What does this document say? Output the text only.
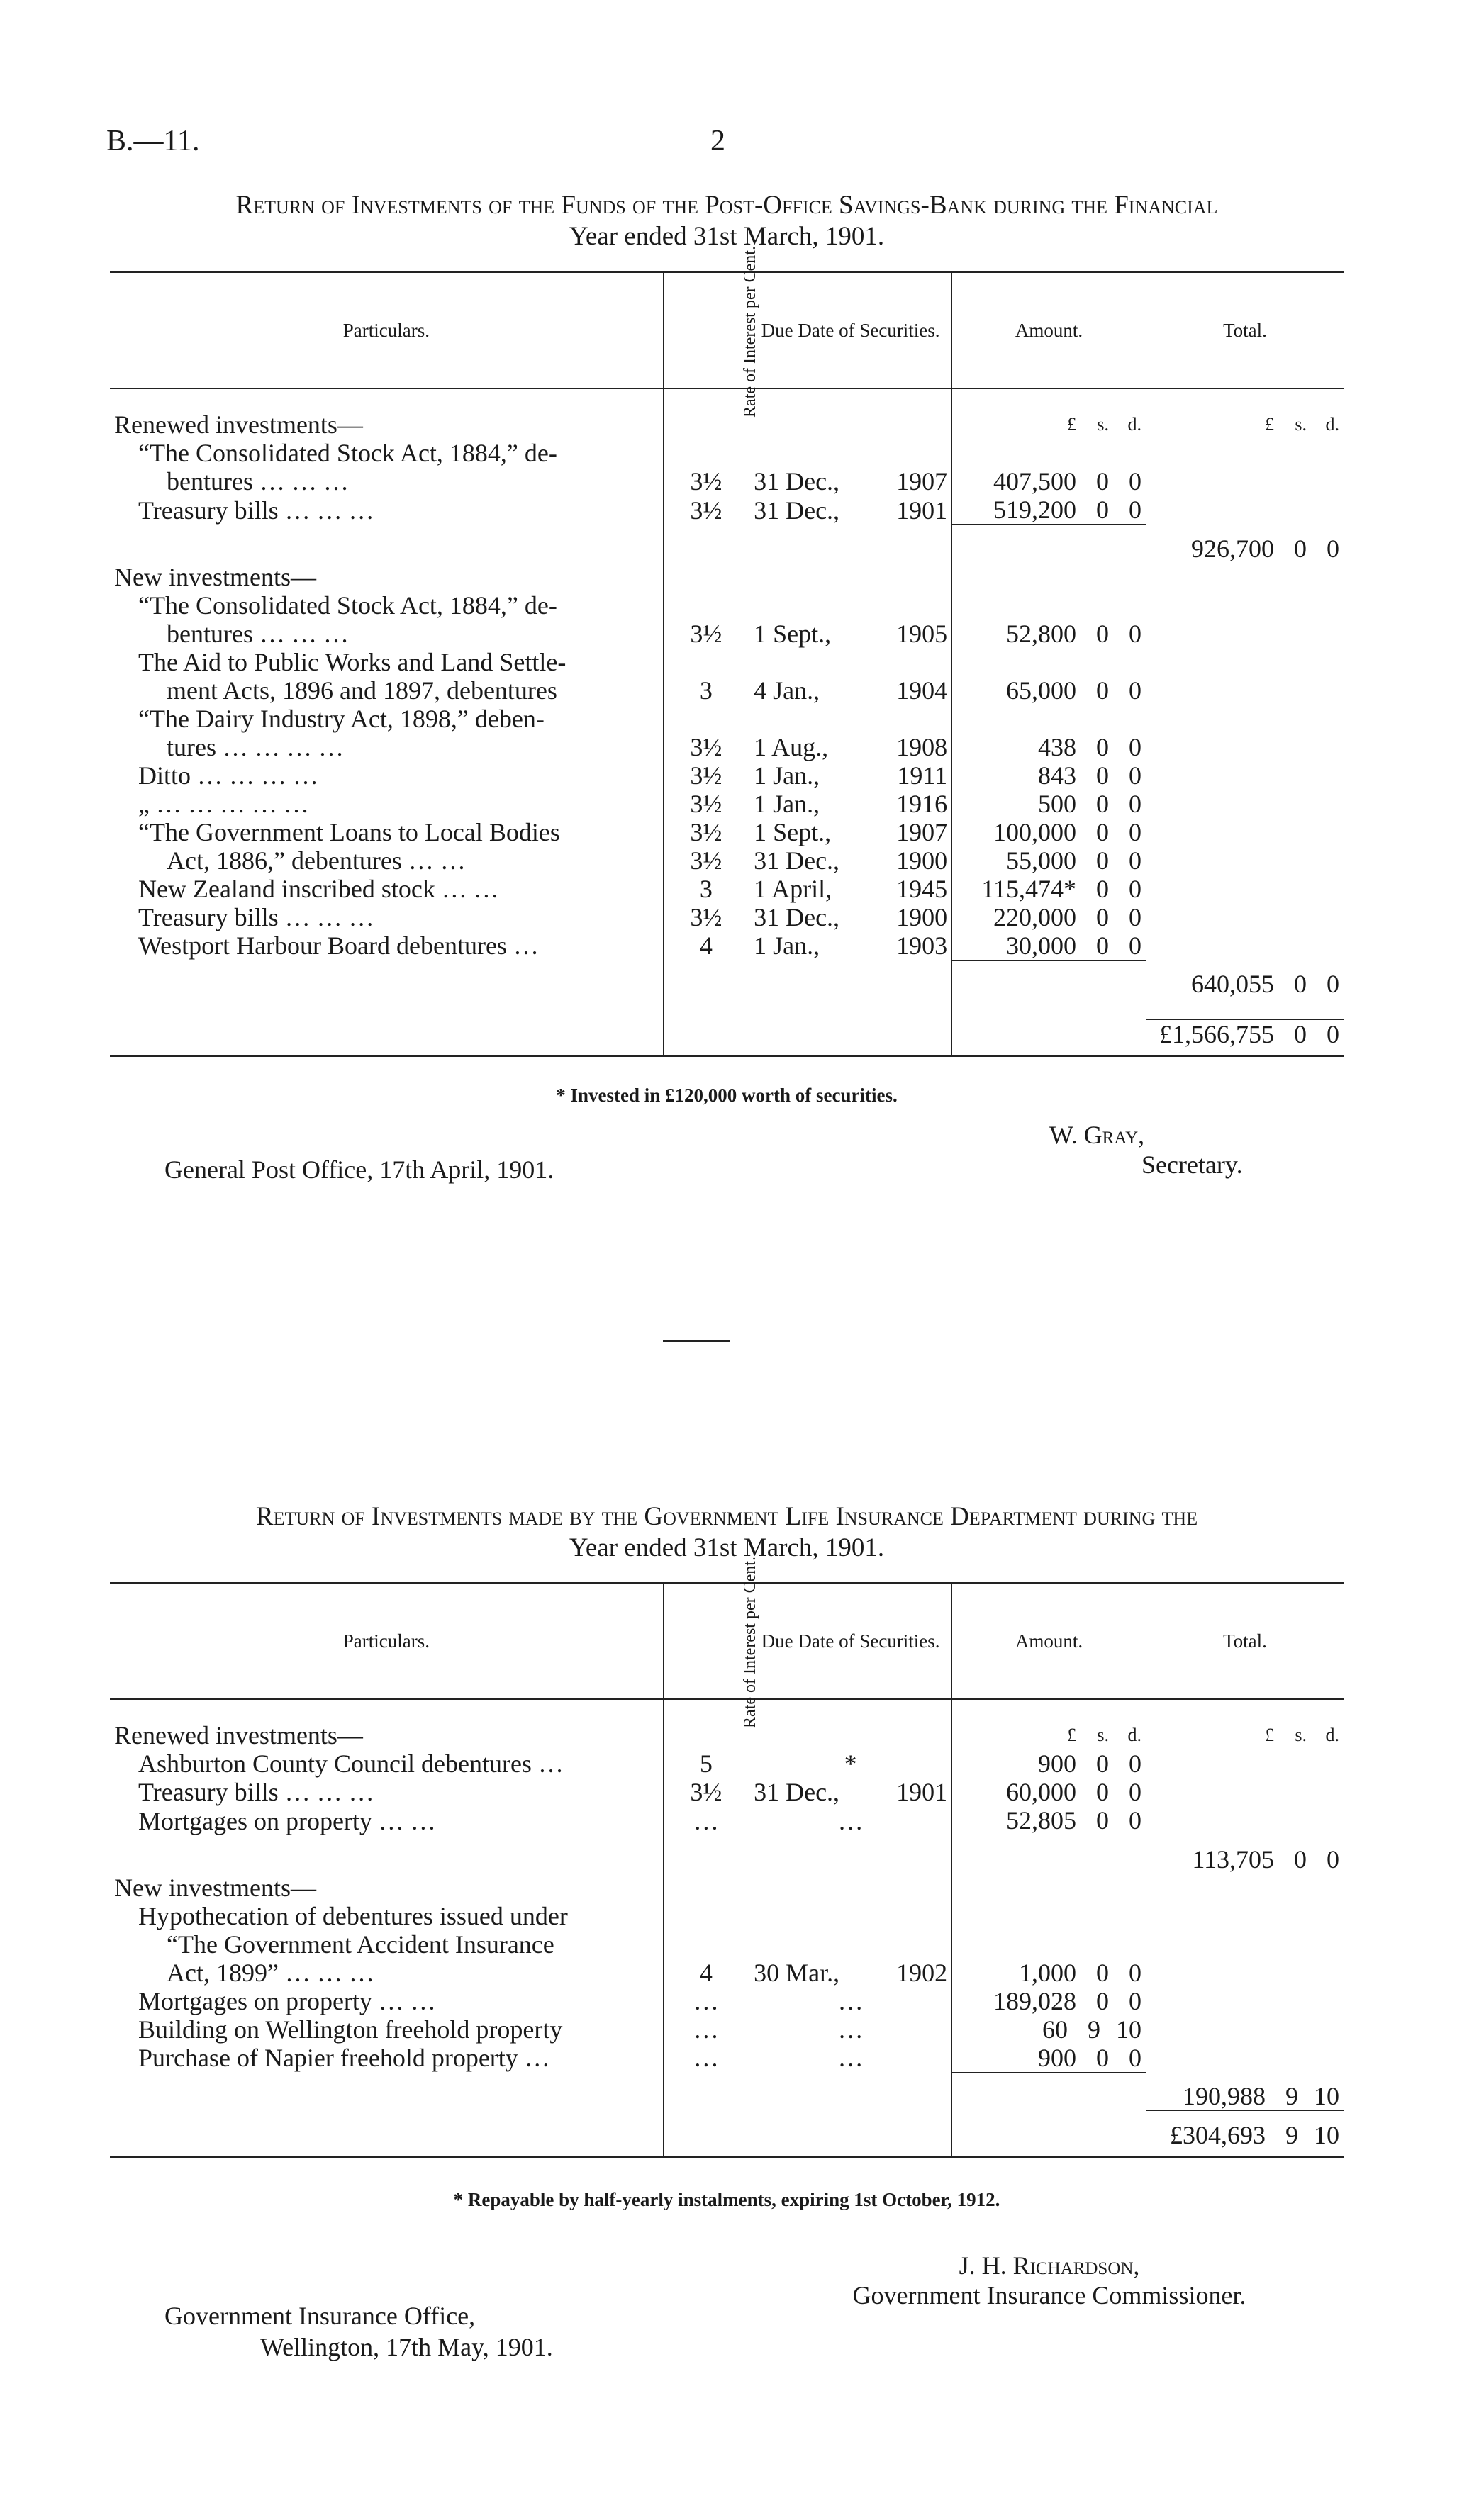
B.—11.	2
Return of Investments of the Funds of the Post-Office Savings-Bank during the Financial
Year ended 31st March, 1901.
Particulars.	Rate of Interest per Cent.	Due Date of Securities.	Amount.	Total.

Renewed investments—			£ s. d.	£ s. d.

“The Consolidated Stock Act, 1884,” de-				
bentures … … …	3½	31 Dec., 1907	407,500 0 0	

Treasury bills … … …	3½	31 Dec., 1901	519,200 0 0	

				926,700 0 0

New investments—				
“The Consolidated Stock Act, 1884,” de-				
bentures … … …	3½	1 Sept., 1905	52,800 0 0	

The Aid to Public Works and Land Settle-				
ment Acts, 1896 and 1897, debentures	3	4 Jan., 1904	65,000 0 0	

“The Dairy Industry Act, 1898,” deben-				
tures … … … …	3½	1 Aug., 1908	438 0 0	

Ditto … … … …	3½	1 Jan., 1911	843 0 0	

„ … … … … …	3½	1 Jan., 1916	500 0 0	

“The Government Loans to Local Bodies	3½	1 Sept., 1907	100,000 0 0	

Act, 1886,” debentures … …	3½	31 Dec., 1900	55,000 0 0	

New Zealand inscribed stock … …	3	1 April, 1945	115,474* 0 0	

Treasury bills … … …	3½	31 Dec., 1900	220,000 0 0	

Westport Harbour Board debentures …	4	1 Jan., 1903	30,000 0 0	

				640,055 0 0

				£1,566,755 0 0
* Invested in £120,000 worth of securities.
General Post Office, 17th April, 1901.
W. Gray,
Secretary.
Return of Investments made by the Government Life Insurance Department during the
Year ended 31st March, 1901.
Particulars.	Rate of Interest per Cent.	Due Date of Securities.	Amount.	Total.

Renewed investments—			£ s. d.	£ s. d.

Ashburton County Council debentures …	5	*	900 0 0	

Treasury bills … … …	3½	31 Dec., 1901	60,000 0 0	

Mortgages on property … …	…	…	52,805 0 0	

				113,705 0 0

New investments—				
Hypothecation of debentures issued under				
“The Government Accident Insurance				
Act, 1899” … … …	4	30 Mar., 1902	1,000 0 0	

Mortgages on property … …	…	…	189,028 0 0	

Building on Wellington freehold property	…	…	60 9 10	

Purchase of Napier freehold property …	…	…	900 0 0	

				190,988 9 10

				£304,693 9 10
* Repayable by half-yearly instalments, expiring 1st October, 1912.
J. H. Richardson,
Government Insurance Commissioner.
Government Insurance Office,
Wellington, 17th May, 1901.
